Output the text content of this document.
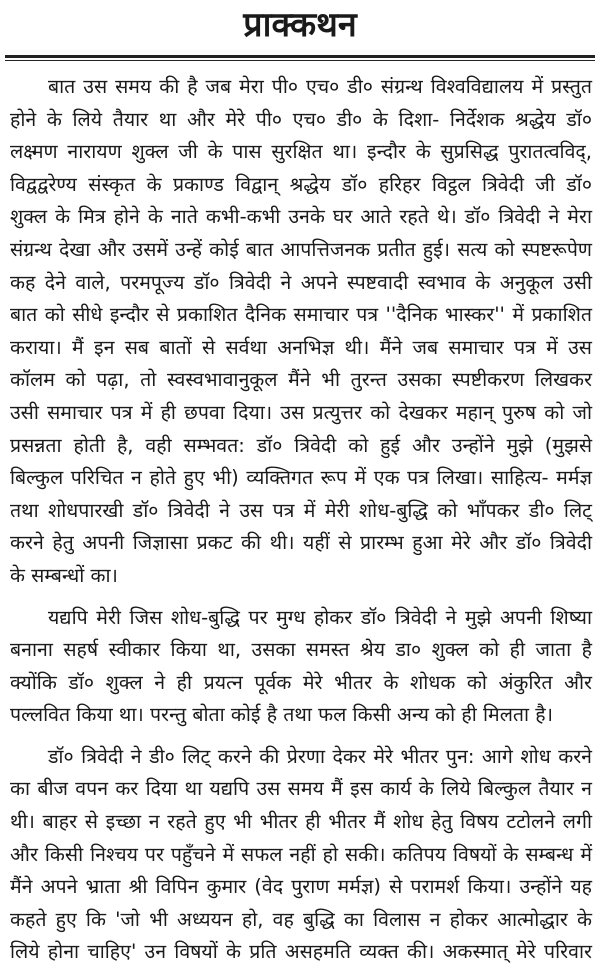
प्राक्कथन
बात उस समय की है जब मेरा पी० एच० डी० संग्रन्थ विश्वविद्यालय में प्रस्तुत
होने के लिये तैयार था और मेरे पी० एच० डी० के दिशा- निर्देशक श्रद्धेय डॉ०
लक्ष्मण नारायण शुक्ल जी के पास सुरक्षित था। इन्दौर के सुप्रसिद्ध पुरातत्वविद्,
विद्वद्वरेण्य संस्कृत के प्रकाण्ड विद्वान् श्रद्धेय डॉ० हरिहर विट्ठल त्रिवेदी जी डॉ०
शुक्ल के मित्र होने के नाते कभी-कभी उनके घर आते रहते थे। डॉ० त्रिवेदी ने मेरा
संग्रन्थ देखा और उसमें उन्हें कोई बात आपत्तिजनक प्रतीत हुई। सत्य को स्पष्टरूपेण
कह देने वाले, परमपूज्य डॉ० त्रिवेदी ने अपने स्पष्टवादी स्वभाव के अनुकूल उसी
बात को सीधे इन्दौर से प्रकाशित दैनिक समाचार पत्र ''दैनिक भास्कर'' में प्रकाशित
कराया। मैं इन सब बातों से सर्वथा अनभिज्ञ थी। मैंने जब समाचार पत्र में उस
कॉलम को पढ़ा, तो स्वस्वभावानुकूल मैंने भी तुरन्त उसका स्पष्टीकरण लिखकर
उसी समाचार पत्र में ही छपवा दिया। उस प्रत्युत्तर को देखकर महान् पुरुष को जो
प्रसन्नता होती है, वही सम्भवत: डॉ० त्रिवेदी को हुई और उन्होंने मुझे (मुझसे
बिल्कुल परिचित न होते हुए भी) व्यक्तिगत रूप में एक पत्र लिखा। साहित्य- मर्मज्ञ
तथा शोधपारखी डॉ० त्रिवेदी ने उस पत्र में मेरी शोध-बुद्धि को भाँपकर डी० लिट्
करने हेतु अपनी जिज्ञासा प्रकट की थी। यहीं से प्रारम्भ हुआ मेरे और डॉ० त्रिवेदी
के सम्बन्धों का।
यद्यपि मेरी जिस शोध-बुद्धि पर मुग्ध होकर डॉ० त्रिवेदी ने मुझे अपनी शिष्या
बनाना सहर्ष स्वीकार किया था, उसका समस्त श्रेय डा० शुक्ल को ही जाता है
क्योंकि डॉ० शुक्ल ने ही प्रयत्न पूर्वक मेरे भीतर के शोधक को अंकुरित और
पल्लवित किया था। परन्तु बोता कोई है तथा फल किसी अन्य को ही मिलता है।
डॉ० त्रिवेदी ने डी० लिट् करने की प्रेरणा देकर मेरे भीतर पुन: आगे शोध करने
का बीज वपन कर दिया था यद्यपि उस समय मैं इस कार्य के लिये बिल्कुल तैयार न
थी। बाहर से इच्छा न रहते हुए भी भीतर ही भीतर मैं शोध हेतु विषय टटोलने लगी
और किसी निश्चय पर पहुँचने में सफल नहीं हो सकी। कतिपय विषयों के सम्बन्ध में
मैंने अपने भ्राता श्री विपिन कुमार (वेद पुराण मर्मज्ञ) से परामर्श किया। उन्होंने यह
कहते हुए कि 'जो भी अध्ययन हो, वह बुद्धि का विलास न होकर आत्मोद्धार के
लिये होना चाहिए' उन विषयों के प्रति असहमति व्यक्त की। अकस्मात् मेरे परिवार
